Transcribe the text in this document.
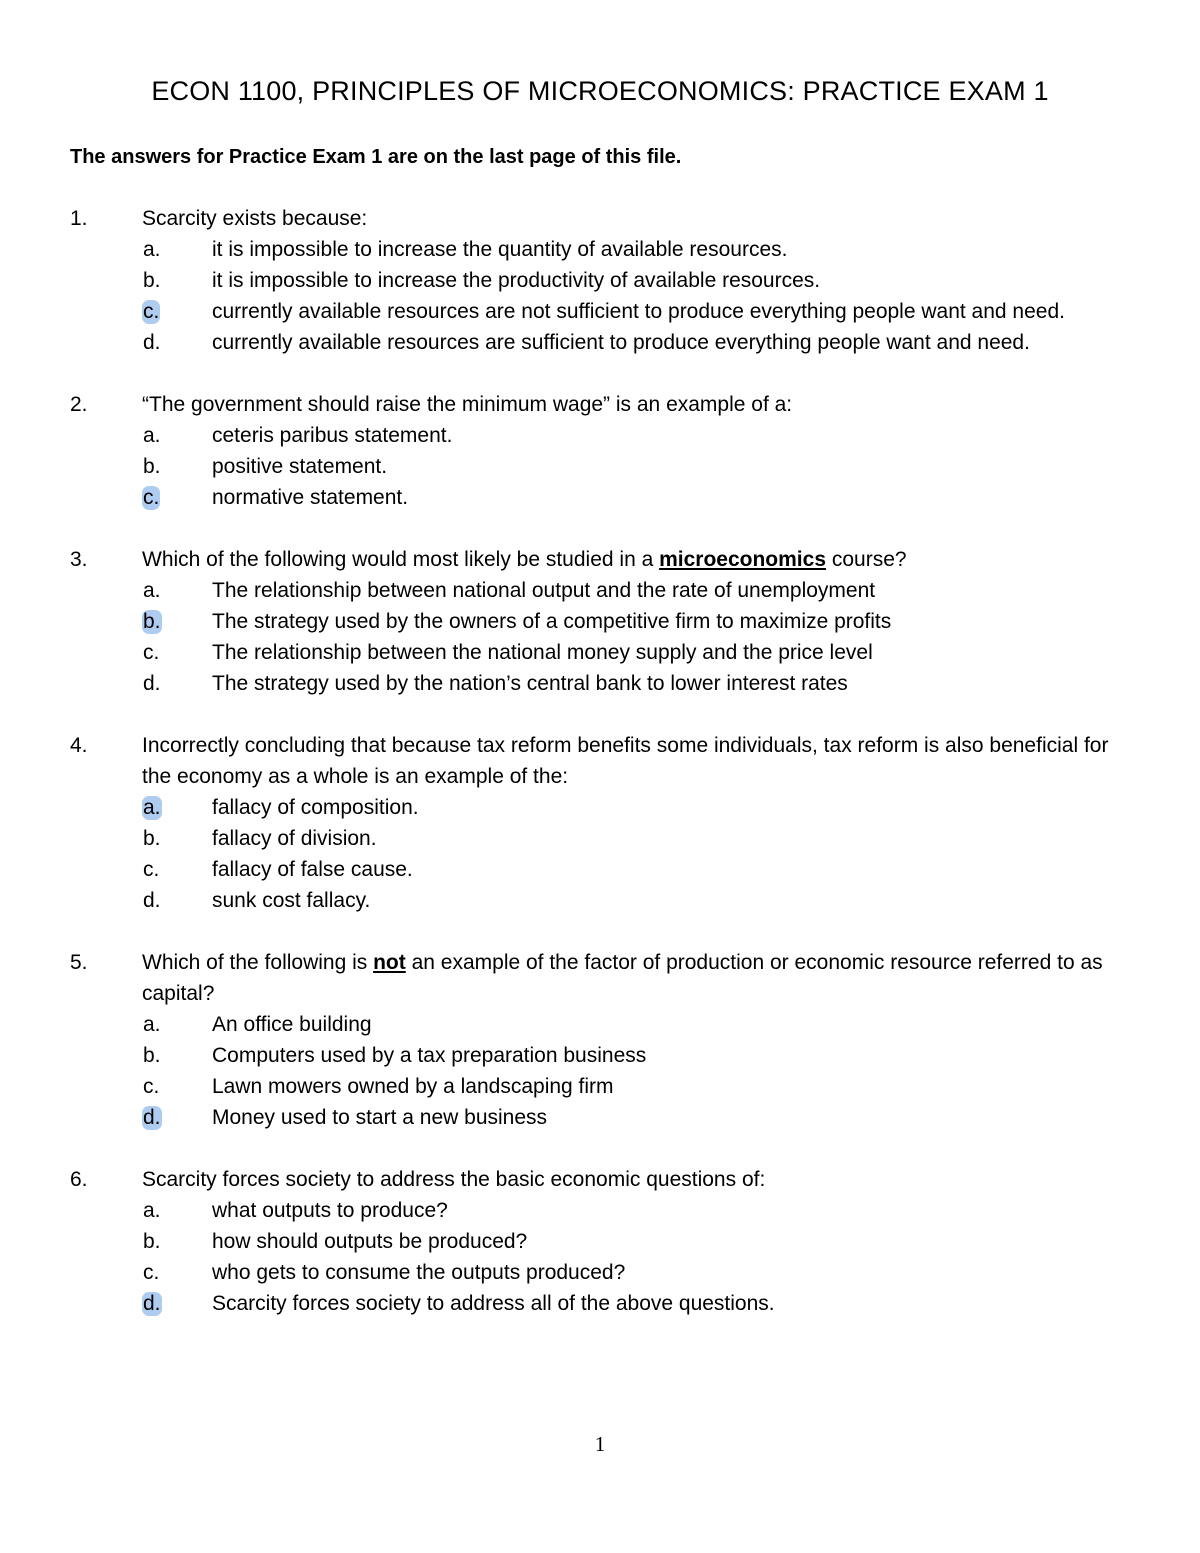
ECON 1100, PRINCIPLES OF MICROECONOMICS: PRACTICE EXAM 1
The answers for Practice Exam 1 are on the last page of this file.
1.	Scarcity exists because:
a.	it is impossible to increase the quantity of available resources.
b.	it is impossible to increase the productivity of available resources.
c.	currently available resources are not sufficient to produce everything people want and need.
d.	currently available resources are sufficient to produce everything people want and need.
2.	“The government should raise the minimum wage” is an example of a:
a.	ceteris paribus statement.
b.	positive statement.
c.	normative statement.
3.	Which of the following would most likely be studied in a microeconomics course?
a.	The relationship between national output and the rate of unemployment
b.	The strategy used by the owners of a competitive firm to maximize profits
c.	The relationship between the national money supply and the price level
d.	The strategy used by the nation’s central bank to lower interest rates
4.	Incorrectly concluding that because tax reform benefits some individuals, tax reform is also beneficial for the economy as a whole is an example of the:
a.	fallacy of composition.
b.	fallacy of division.
c.	fallacy of false cause.
d.	sunk cost fallacy.
5.	Which of the following is not an example of the factor of production or economic resource referred to as capital?
a.	An office building
b.	Computers used by a tax preparation business
c.	Lawn mowers owned by a landscaping firm
d.	Money used to start a new business
6.	Scarcity forces society to address the basic economic questions of:
a.	what outputs to produce?
b.	how should outputs be produced?
c.	who gets to consume the outputs produced?
d.	Scarcity forces society to address all of the above questions.
1
